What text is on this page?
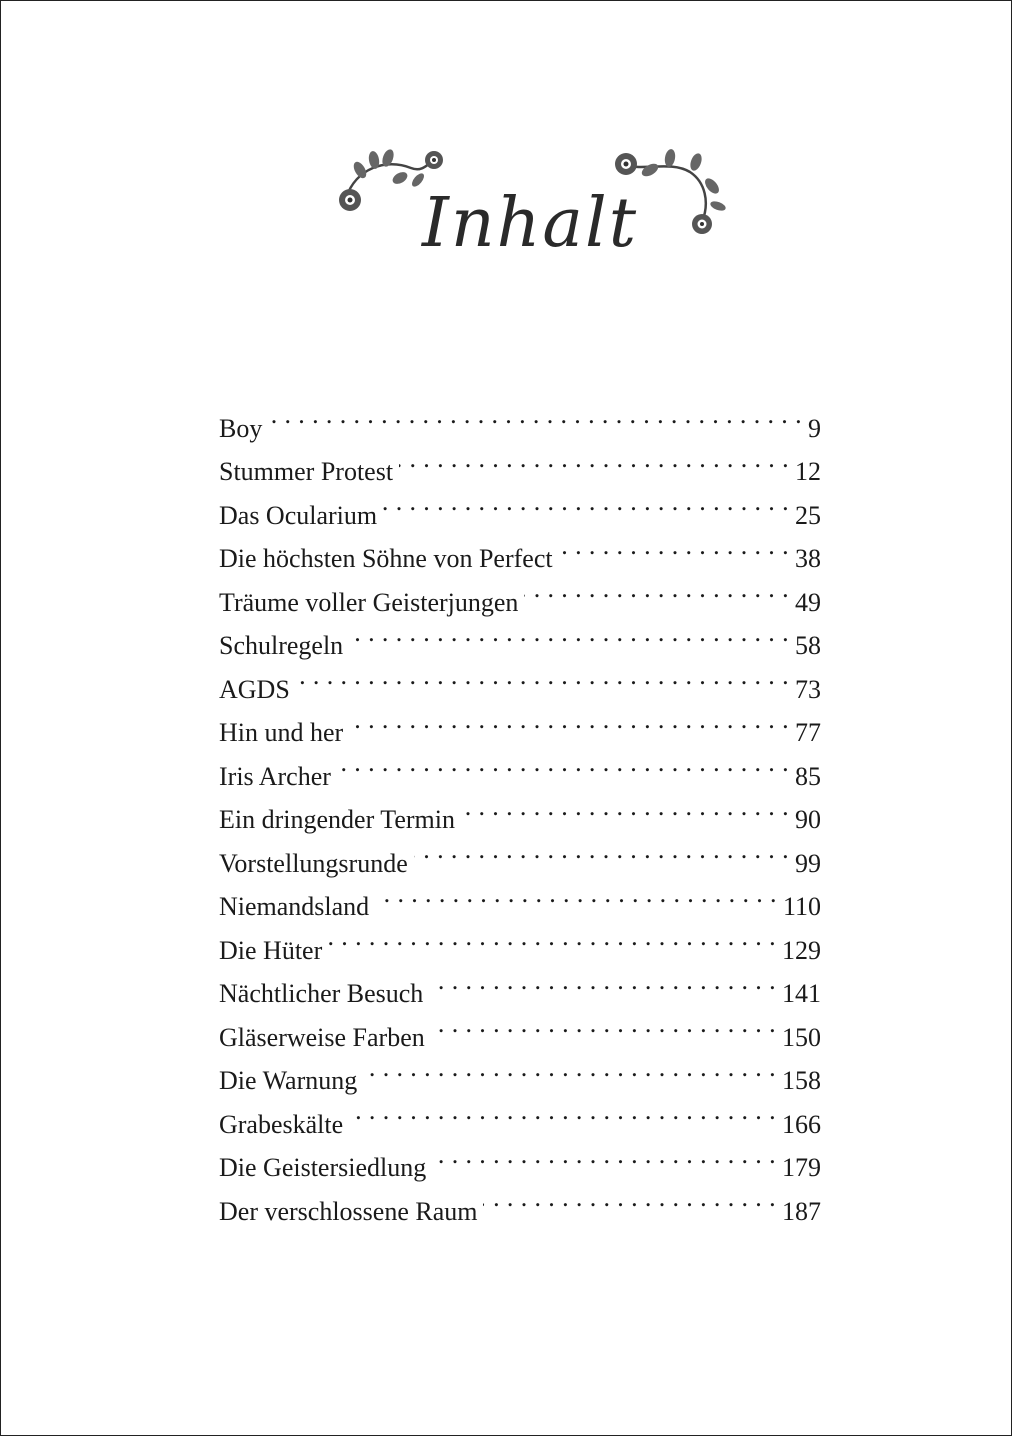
Inhalt
Boy . . .	9
Stummer Protest . . .	12
Das Ocularium . . .	25
Die höchsten Söhne von Perfect . . .	38
Träume voller Geisterjungen . . .	49
Schulregeln . . .	58
AGDS . . .	73
Hin und her . . .	77
Iris Archer . . .	85
Ein dringender Termin . . .	90
Vorstellungsrunde . . .	99
Niemandsland . . .	110
Die Hüter . . .	129
Nächtlicher Besuch . . .	141
Gläserweise Farben . . .	150
Die Warnung . . .	158
Grabeskälte . . .	166
Die Geistersiedlung . . .	179
Der verschlossene Raum . . .	187
